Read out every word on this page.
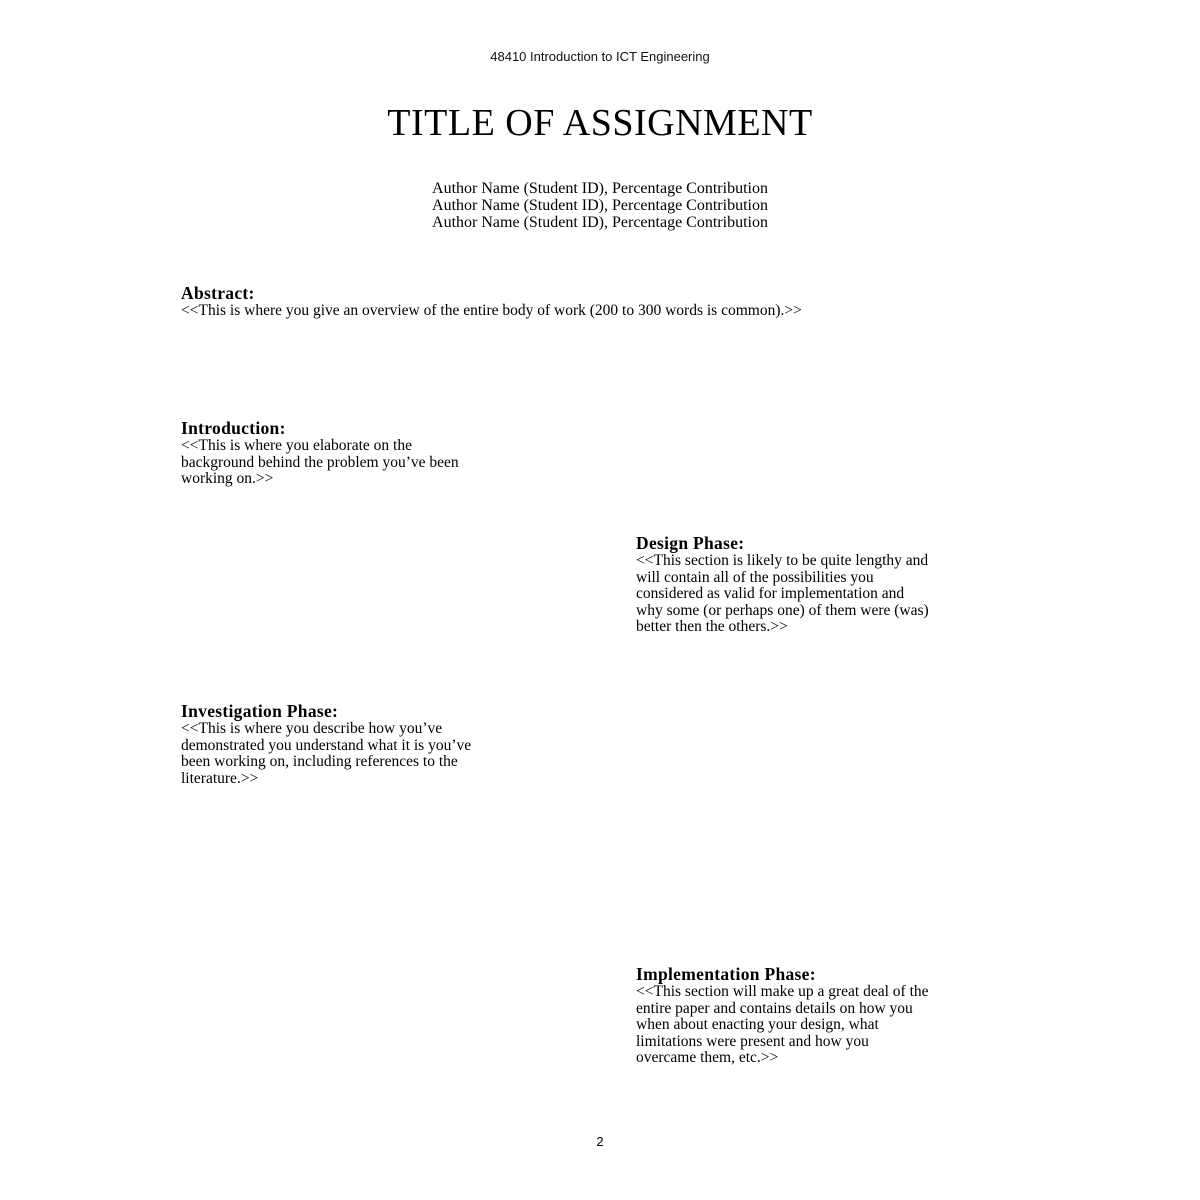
48410 Introduction to ICT Engineering
TITLE OF ASSIGNMENT
Author Name (Student ID), Percentage Contribution
Author Name (Student ID), Percentage Contribution
Author Name (Student ID), Percentage Contribution
Abstract:
<<This is where you give an overview of the entire body of work (200 to 300 words is common).>>
Introduction:
<<This is where you elaborate on the
background behind the problem you’ve been
working on.>>
Design Phase:
<<This section is likely to be quite lengthy and
will contain all of the possibilities you
considered as valid for implementation and
why some (or perhaps one) of them were (was)
better then the others.>>
Investigation Phase:
<<This is where you describe how you’ve
demonstrated you understand what it is you’ve
been working on, including references to the
literature.>>
Implementation Phase:
<<This section will make up a great deal of the
entire paper and contains details on how you
when about enacting your design, what
limitations were present and how you
overcame them, etc.>>
2
